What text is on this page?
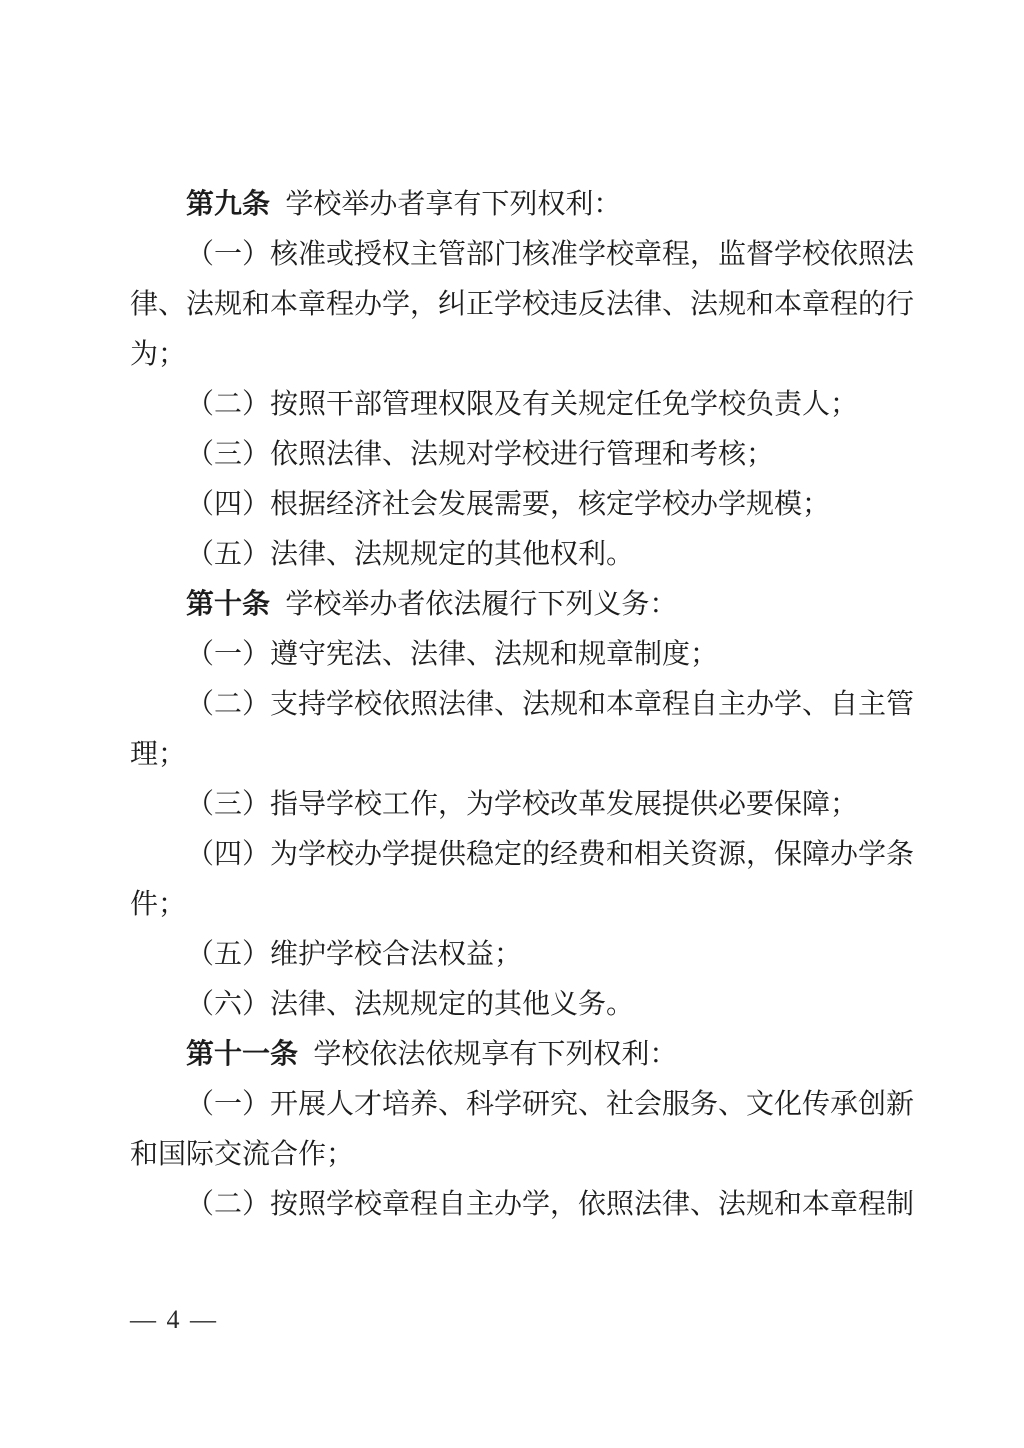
第九条 学校举办者享有下列权利：

（一）核准或授权主管部门核准学校章程，监督学校依照法律、法规和本章程办学，纠正学校违反法律、法规和本章程的行为；

（二）按照干部管理权限及有关规定任免学校负责人；

（三）依照法律、法规对学校进行管理和考核；

（四）根据经济社会发展需要，核定学校办学规模；

（五）法律、法规规定的其他权利。

第十条 学校举办者依法履行下列义务：

（一）遵守宪法、法律、法规和规章制度；

（二）支持学校依照法律、法规和本章程自主办学、自主管理；

（三）指导学校工作，为学校改革发展提供必要保障；

（四）为学校办学提供稳定的经费和相关资源，保障办学条件；

（五）维护学校合法权益；

（六）法律、法规规定的其他义务。

第十一条 学校依法依规享有下列权利：

（一）开展人才培养、科学研究、社会服务、文化传承创新和国际交流合作；

（二）按照学校章程自主办学，依照法律、法规和本章程制

— 4 —
